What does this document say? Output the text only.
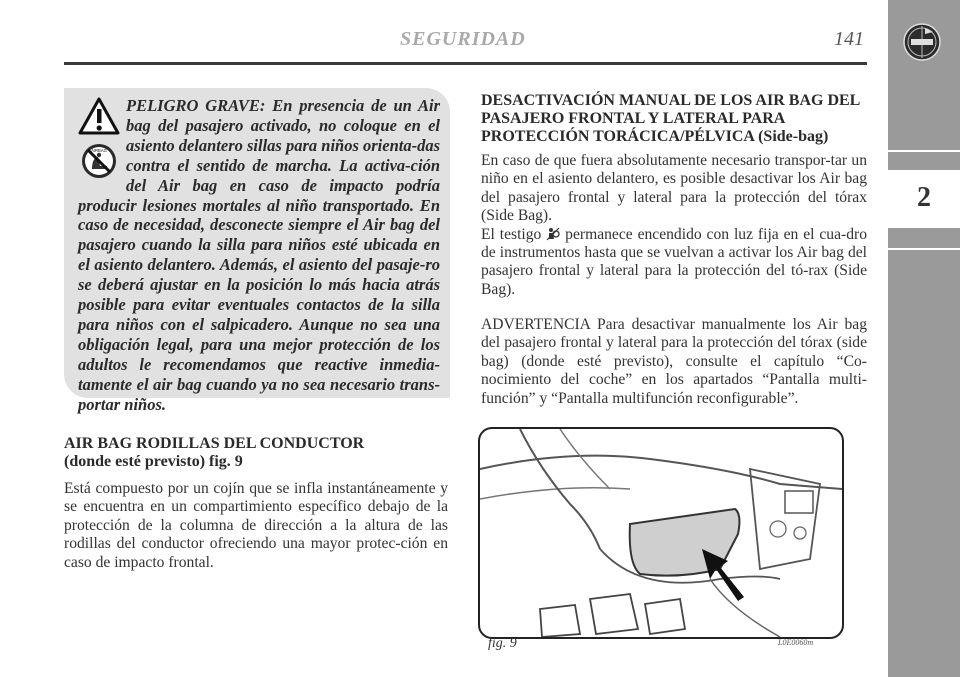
SEGURIDAD	141
2
AIRBAG

PELIGRO GRAVE: En presencia de un Air bag del pasajero activado, no coloque en el asiento delantero sillas para niños orienta-das contra el sentido de marcha. La activa-ción del Air bag en caso de impacto podría producir lesiones mortales al niño transportado. En caso de necesidad, desconecte siempre el Air bag del pasajero cuando la silla para niños esté ubicada en el asiento delantero. Además, el asiento del pasaje-ro se deberá ajustar en la posición lo más hacia atrás posible para evitar eventuales contactos de la silla para niños con el salpicadero. Aunque no sea una obligación legal, para una mejor protección de los adultos le recomendamos que reactive inmedia-tamente el air bag cuando ya no sea necesario trans-portar niños.

AIR BAG RODILLAS DEL CONDUCTOR
(donde esté previsto) fig. 9

Está compuesto por un cojín que se infla instantáneamente y se encuentra en un compartimiento específico debajo de la protección de la columna de dirección a la altura de las rodillas del conductor ofreciendo una mayor protec-ción en caso de impacto frontal.

DESACTIVACIÓN MANUAL DE LOS AIR BAG DEL PASAJERO FRONTAL Y LATERAL PARA PROTECCIÓN TORÁCICA/PÉLVICA (Side-bag)

En caso de que fuera absolutamente necesario transpor-tar un niño en el asiento delantero, es posible desactivar los Air bag del pasajero frontal y lateral para la protección del tórax (Side Bag).
El testigo permanece encendido con luz fija en el cua-dro de instrumentos hasta que se vuelvan a activar los Air bag del pasajero frontal y lateral para la protección del tó-rax (Side Bag).

ADVERTENCIA Para desactivar manualmente los Air bag del pasajero frontal y lateral para la protección del tórax (side bag) (donde esté previsto), consulte el capítulo “Co-nocimiento del coche” en los apartados “Pantalla multi-función” y “Pantalla multifunción reconfigurable”.

fig. 9	L0E0060m
